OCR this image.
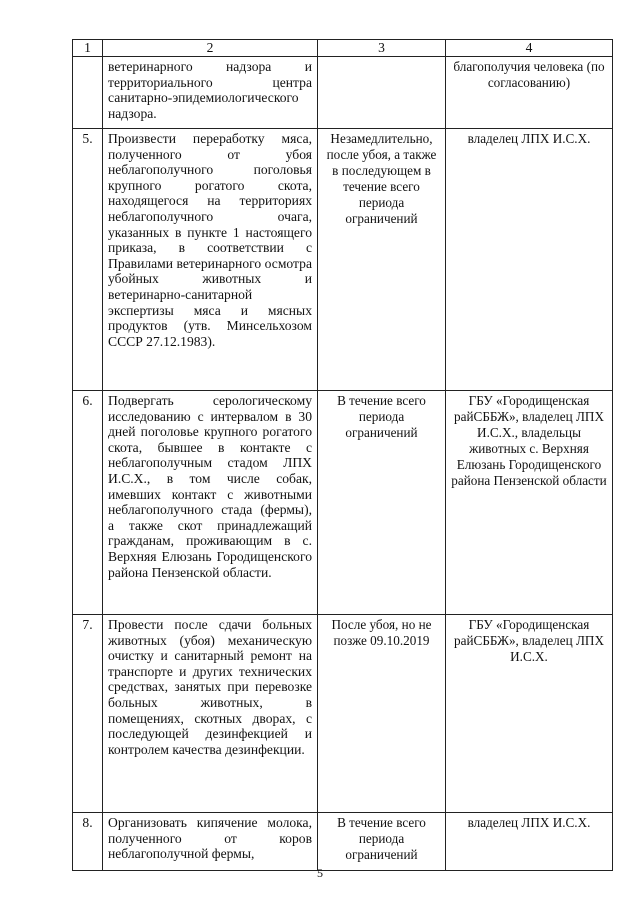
1	2	3	4
	ветеринарного надзора и территориального центра санитарно-эпидемиологического надзора.		благополучия человека (по согласованию)
5.	Произвести переработку мяса, полученного от убоя неблагополучного поголовья крупного рогатого скота, находящегося на территориях неблагополучного очага, указанных в пункте 1 настоящего приказа, в соответствии с Правилами ветеринарного осмотра убойных животных и ветеринарно-санитарной экспертизы мяса и мясных продуктов (утв. Минсельхозом СССР 27.12.1983).	Незамедлительно, после убоя, а также в последующем в течение всего периода ограничений	владелец ЛПХ И.С.Х.
6.	Подвергать серологическому исследованию с интервалом в 30 дней поголовье крупного рогатого скота, бывшее в контакте с неблагополучным стадом ЛПХ И.С.Х., в том числе собак, имевших контакт с животными неблагополучного стада (фермы), а также скот принадлежащий гражданам, проживающим в с. Верхняя Елюзань Городищенского района Пензенской области.	В течение всего периода ограничений	ГБУ «Городищенская райСББЖ», владелец ЛПХ И.С.Х., владельцы животных с. Верхняя Елюзань Городищенского района Пензенской области
7.	Провести после сдачи больных животных (убоя) механическую очистку и санитарный ремонт на транспорте и других технических средствах, занятых при перевозке больных животных, в помещениях, скотных дворах, с последующей дезинфекцией и контролем качества дезинфекции.	После убоя, но не позже 09.10.2019	ГБУ «Городищенская райСББЖ», владелец ЛПХ И.С.Х.
8.	Организовать кипячение молока, полученного от коров неблагополучной фермы,	В течение всего периода ограничений	владелец ЛПХ И.С.Х.
5
